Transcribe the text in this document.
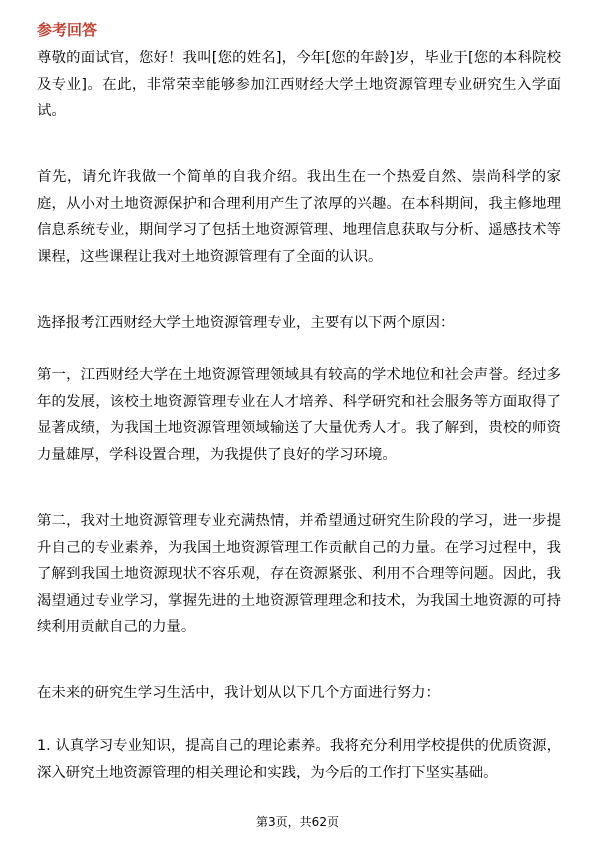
参考回答

尊敬的面试官，您好！我叫[您的姓名]，今年[您的年龄]岁，毕业于[您的本科院校及专业]。在此，非常荣幸能够参加江西财经大学土地资源管理专业研究生入学面试。

首先，请允许我做一个简单的自我介绍。我出生在一个热爱自然、崇尚科学的家庭，从小对土地资源保护和合理利用产生了浓厚的兴趣。在本科期间，我主修地理信息系统专业，期间学习了包括土地资源管理、地理信息获取与分析、遥感技术等课程，这些课程让我对土地资源管理有了全面的认识。

选择报考江西财经大学土地资源管理专业，主要有以下两个原因：

第一，江西财经大学在土地资源管理领域具有较高的学术地位和社会声誉。经过多年的发展，该校土地资源管理专业在人才培养、科学研究和社会服务等方面取得了显著成绩，为我国土地资源管理领域输送了大量优秀人才。我了解到，贵校的师资力量雄厚，学科设置合理，为我提供了良好的学习环境。

第二，我对土地资源管理专业充满热情，并希望通过研究生阶段的学习，进一步提升自己的专业素养，为我国土地资源管理工作贡献自己的力量。在学习过程中，我了解到我国土地资源现状不容乐观，存在资源紧张、利用不合理等问题。因此，我渴望通过专业学习，掌握先进的土地资源管理理念和技术，为我国土地资源的可持续利用贡献自己的力量。

在未来的研究生学习生活中，我计划从以下几个方面进行努力：

1. 认真学习专业知识，提高自己的理论素养。我将充分利用学校提供的优质资源，深入研究土地资源管理的相关理论和实践，为今后的工作打下坚实基础。

第3页，共62页
